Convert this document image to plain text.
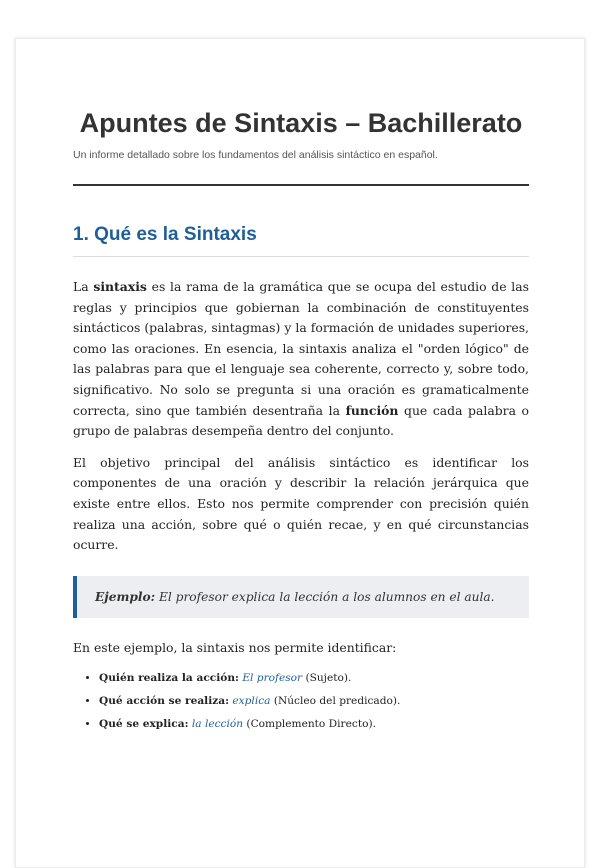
Apuntes de Sintaxis – Bachillerato

Un informe detallado sobre los fundamentos del análisis sintáctico en español.

1. Qué es la Sintaxis

La sintaxis es la rama de la gramática que se ocupa del estudio de las reglas y principios que gobiernan la combinación de constituyentes sintácticos (palabras, sintagmas) y la formación de unidades superiores, como las oraciones. En esencia, la sintaxis analiza el "orden lógico" de las palabras para que el lenguaje sea coherente, correcto y, sobre todo, significativo. No solo se pregunta si una oración es gramaticalmente correcta, sino que también desentraña la función que cada palabra o grupo de palabras desempeña dentro del conjunto.

El objetivo principal del análisis sintáctico es identificar los componentes de una oración y describir la relación jerárquica que existe entre ellos. Esto nos permite comprender con precisión quién realiza una acción, sobre qué o quién recae, y en qué circunstancias ocurre.

Ejemplo: El profesor explica la lección a los alumnos en el aula.

En este ejemplo, la sintaxis nos permite identificar:

• Quién realiza la acción: El profesor (Sujeto).
• Qué acción se realiza: explica (Núcleo del predicado).
• Qué se explica: la lección (Complemento Directo).
